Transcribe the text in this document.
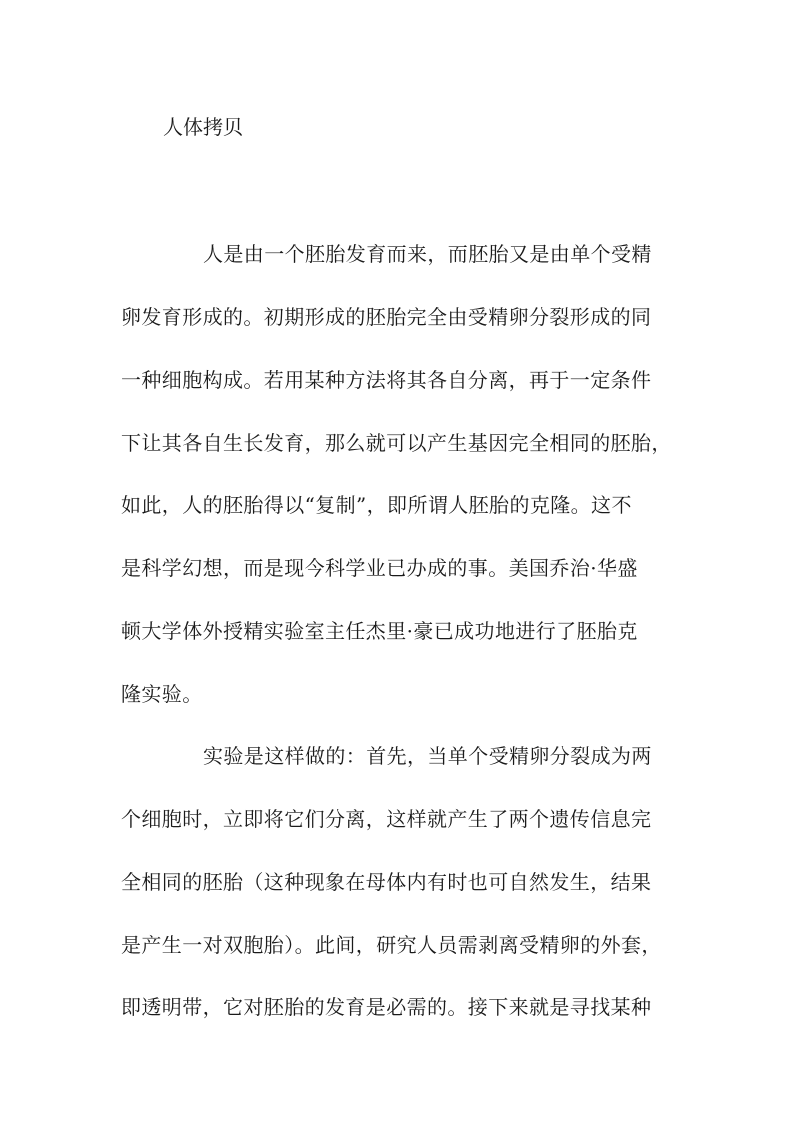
人体拷贝
人是由一个胚胎发育而来，而胚胎又是由单个受精
卵发育形成的。初期形成的胚胎完全由受精卵分裂形成的同
一种细胞构成。若用某种方法将其各自分离，再于一定条件
下让其各自生长发育，那么就可以产生基因完全相同的胚胎，
如此，人的胚胎得以“复制”，即所谓人胚胎的克隆。这不
是科学幻想，而是现今科学业已办成的事。美国乔治·华盛
顿大学体外授精实验室主任杰里·豪已成功地进行了胚胎克
隆实验。
实验是这样做的：首先，当单个受精卵分裂成为两
个细胞时，立即将它们分离，这样就产生了两个遗传信息完
全相同的胚胎（这种现象在母体内有时也可自然发生，结果
是产生一对双胞胎）。此间，研究人员需剥离受精卵的外套，
即透明带，它对胚胎的发育是必需的。接下来就是寻找某种
